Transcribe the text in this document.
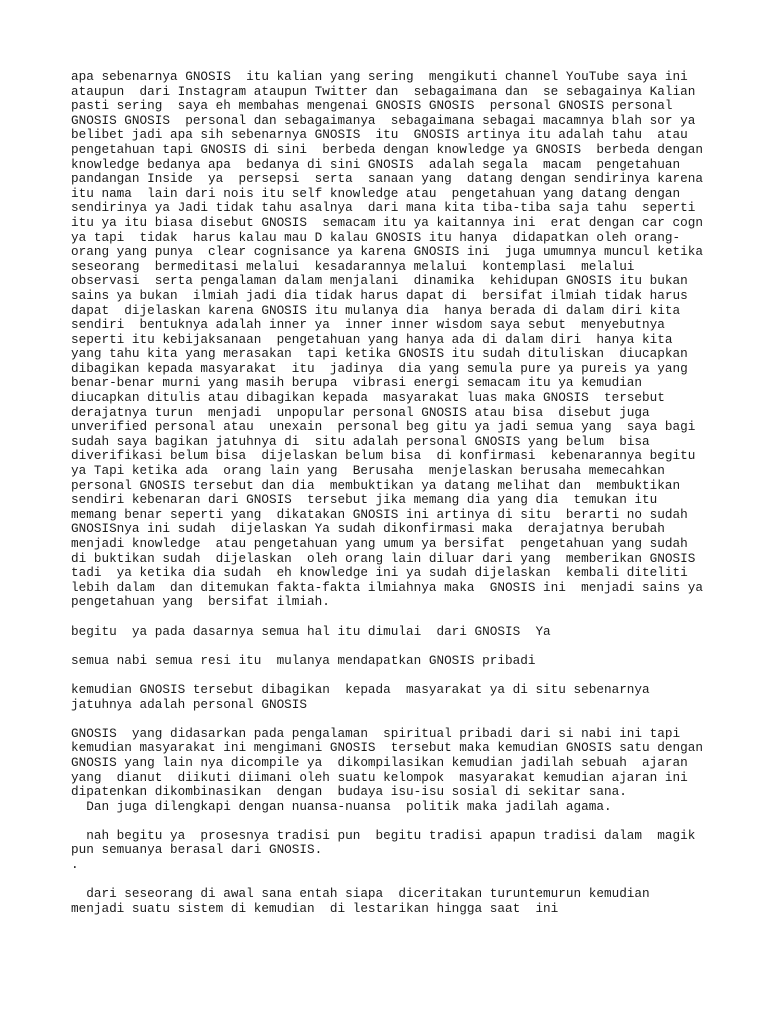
apa sebenarnya GNOSIS  itu kalian yang sering  mengikuti channel YouTube saya ini
ataupun  dari Instagram ataupun Twitter dan  sebagaimana dan  se sebagainya Kalian
pasti sering  saya eh membahas mengenai GNOSIS GNOSIS  personal GNOSIS personal
GNOSIS GNOSIS  personal dan sebagaimanya  sebagaimana sebagai macamnya blah sor ya
belibet jadi apa sih sebenarnya GNOSIS  itu  GNOSIS artinya itu adalah tahu  atau
pengetahuan tapi GNOSIS di sini  berbeda dengan knowledge ya GNOSIS  berbeda dengan
knowledge bedanya apa  bedanya di sini GNOSIS  adalah segala  macam  pengetahuan
pandangan Inside  ya  persepsi  serta  sanaan yang  datang dengan sendirinya karena
itu nama  lain dari nois itu self knowledge atau  pengetahuan yang datang dengan
sendirinya ya Jadi tidak tahu asalnya  dari mana kita tiba-tiba saja tahu  seperti
itu ya itu biasa disebut GNOSIS  semacam itu ya kaitannya ini  erat dengan car cogn
ya tapi  tidak  harus kalau mau D kalau GNOSIS itu hanya  didapatkan oleh orang-
orang yang punya  clear cognisance ya karena GNOSIS ini  juga umumnya muncul ketika
seseorang  bermeditasi melalui  kesadarannya melalui  kontemplasi  melalui
observasi  serta pengalaman dalam menjalani  dinamika  kehidupan GNOSIS itu bukan
sains ya bukan  ilmiah jadi dia tidak harus dapat di  bersifat ilmiah tidak harus
dapat  dijelaskan karena GNOSIS itu mulanya dia  hanya berada di dalam diri kita
sendiri  bentuknya adalah inner ya  inner inner wisdom saya sebut  menyebutnya
seperti itu kebijaksanaan  pengetahuan yang hanya ada di dalam diri  hanya kita
yang tahu kita yang merasakan  tapi ketika GNOSIS itu sudah dituliskan  diucapkan
dibagikan kepada masyarakat  itu  jadinya  dia yang semula pure ya pureis ya yang
benar-benar murni yang masih berupa  vibrasi energi semacam itu ya kemudian
diucapkan ditulis atau dibagikan kepada  masyarakat luas maka GNOSIS  tersebut
derajatnya turun  menjadi  unpopular personal GNOSIS atau bisa  disebut juga
unverified personal atau  unexain  personal beg gitu ya jadi semua yang  saya bagi
sudah saya bagikan jatuhnya di  situ adalah personal GNOSIS yang belum  bisa
diverifikasi belum bisa  dijelaskan belum bisa  di konfirmasi  kebenarannya begitu
ya Tapi ketika ada  orang lain yang  Berusaha  menjelaskan berusaha memecahkan
personal GNOSIS tersebut dan dia  membuktikan ya datang melihat dan  membuktikan
sendiri kebenaran dari GNOSIS  tersebut jika memang dia yang dia  temukan itu
memang benar seperti yang  dikatakan GNOSIS ini artinya di situ  berarti no sudah
GNOSISnya ini sudah  dijelaskan Ya sudah dikonfirmasi maka  derajatnya berubah
menjadi knowledge  atau pengetahuan yang umum ya bersifat  pengetahuan yang sudah
di buktikan sudah  dijelaskan  oleh orang lain diluar dari yang  memberikan GNOSIS
tadi  ya ketika dia sudah  eh knowledge ini ya sudah dijelaskan  kembali diteliti
lebih dalam  dan ditemukan fakta-fakta ilmiahnya maka  GNOSIS ini  menjadi sains ya
pengetahuan yang  bersifat ilmiah.

begitu  ya pada dasarnya semua hal itu dimulai  dari GNOSIS  Ya

semua nabi semua resi itu  mulanya mendapatkan GNOSIS pribadi

kemudian GNOSIS tersebut dibagikan  kepada  masyarakat ya di situ sebenarnya
jatuhnya adalah personal GNOSIS

GNOSIS  yang didasarkan pada pengalaman  spiritual pribadi dari si nabi ini tapi
kemudian masyarakat ini mengimani GNOSIS  tersebut maka kemudian GNOSIS satu dengan
GNOSIS yang lain nya dicompile ya  dikompilasikan kemudian jadilah sebuah  ajaran
yang  dianut  diikuti diimani oleh suatu kelompok  masyarakat kemudian ajaran ini
dipatenkan dikombinasikan  dengan  budaya isu-isu sosial di sekitar sana.
Dan juga dilengkapi dengan nuansa-nuansa  politik maka jadilah agama.

nah begitu ya  prosesnya tradisi pun  begitu tradisi apapun tradisi dalam  magik
pun semuanya berasal dari GNOSIS.
.

dari seseorang di awal sana entah siapa  diceritakan turuntemurun kemudian
menjadi suatu sistem di kemudian  di lestarikan hingga saat  ini
